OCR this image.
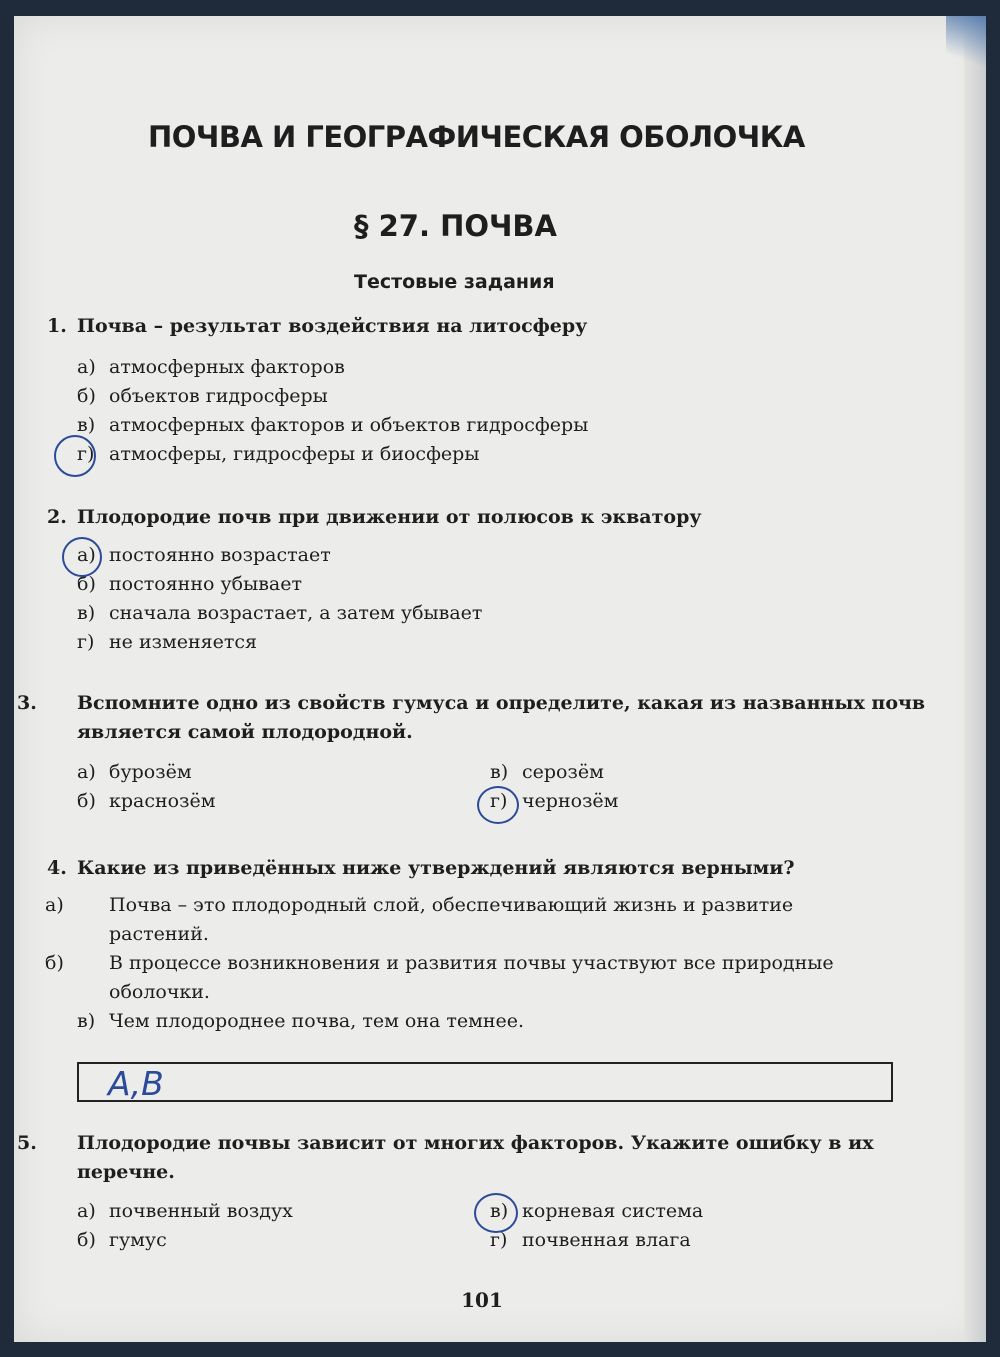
ПОЧВА И ГЕОГРАФИЧЕСКАЯ ОБОЛОЧКА
§ 27. ПОЧВА
Тестовые задания
1. Почва – результат воздействия на литосферу
а) атмосферных факторов
б) объектов гидросферы
в) атмосферных факторов и объектов гидросферы
г) атмосферы, гидросферы и биосферы
2. Плодородие почв при движении от полюсов к экватору
а) постоянно возрастает
б) постоянно убывает
в) сначала возрастает, а затем убывает
г) не изменяется
3. Вспомните одно из свойств гумуса и определите, какая из названных почв является самой плодородной.
а) бурозём	в) серозём
б) краснозём	г) чернозём
4. Какие из приведённых ниже утверждений являются верными?
а) Почва – это плодородный слой, обеспечивающий жизнь и развитие растений.
б) В процессе возникновения и развития почвы участвуют все природные оболочки.
в) Чем плодороднее почва, тем она темнее.
А,В
5. Плодородие почвы зависит от многих факторов. Укажите ошибку в их перечне.
а) почвенный воздух	в) корневая система
б) гумус	г) почвенная влага
101
